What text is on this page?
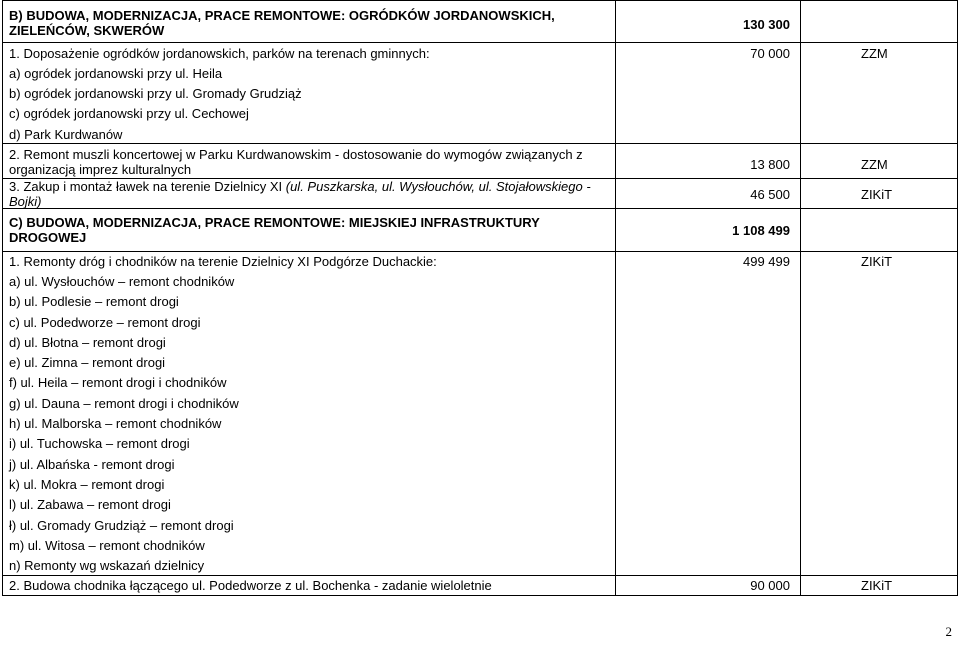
B) BUDOWA, MODERNIZACJA, PRACE REMONTOWE: OGRÓDKÓW JORDANOWSKICH, ZIELEŃCÓW, SKWERÓW	130 300
1. Doposażenie ogródków jordanowskich, parków na terenach gminnych:	70 000	ZZM
a) ogródek jordanowski przy ul. Heila
b) ogródek jordanowski przy ul. Gromady Grudziąż
c) ogródek jordanowski przy ul. Cechowej
d) Park Kurdwanów
2. Remont muszli koncertowej w Parku Kurdwanowskim - dostosowanie do wymogów związanych z organizacją imprez kulturalnych	13 800	ZZM
3. Zakup i montaż ławek na terenie Dzielnicy XI (ul. Puszkarska, ul. Wysłouchów, ul. Stojałowskiego - Bojki)	46 500	ZIKiT
C) BUDOWA, MODERNIZACJA, PRACE REMONTOWE: MIEJSKIEJ INFRASTRUKTURY DROGOWEJ	1 108 499
1. Remonty dróg i chodników na terenie Dzielnicy XI Podgórze Duchackie:	499 499	ZIKiT
a) ul. Wysłouchów – remont chodników
b) ul. Podlesie – remont drogi
c) ul. Pod​edworze – remont drogi
d) ul. Błotna – remont drogi
e) ul. Zimna – remont drogi
f) ul. Heila – remont drogi i chodników
g) ul. Dauna – remont drogi i chodników
h) ul. Malborska – remont chodników
i) ul. Tuchowska – remont drogi
j) ul. Albańska - remont drogi
k) ul. Mokra – remont drogi
l) ul. Zabawa – remont drogi
ł) ul. Gromady Grudziąż – remont drogi
m) ul. Witosa – remont chodników
n) Remonty wg wskazań dzielnicy
2. Budowa chodnika łączącego ul. Podedworze z ul. Bochenka - zadanie wieloletnie	90 000	ZIKiT
2
